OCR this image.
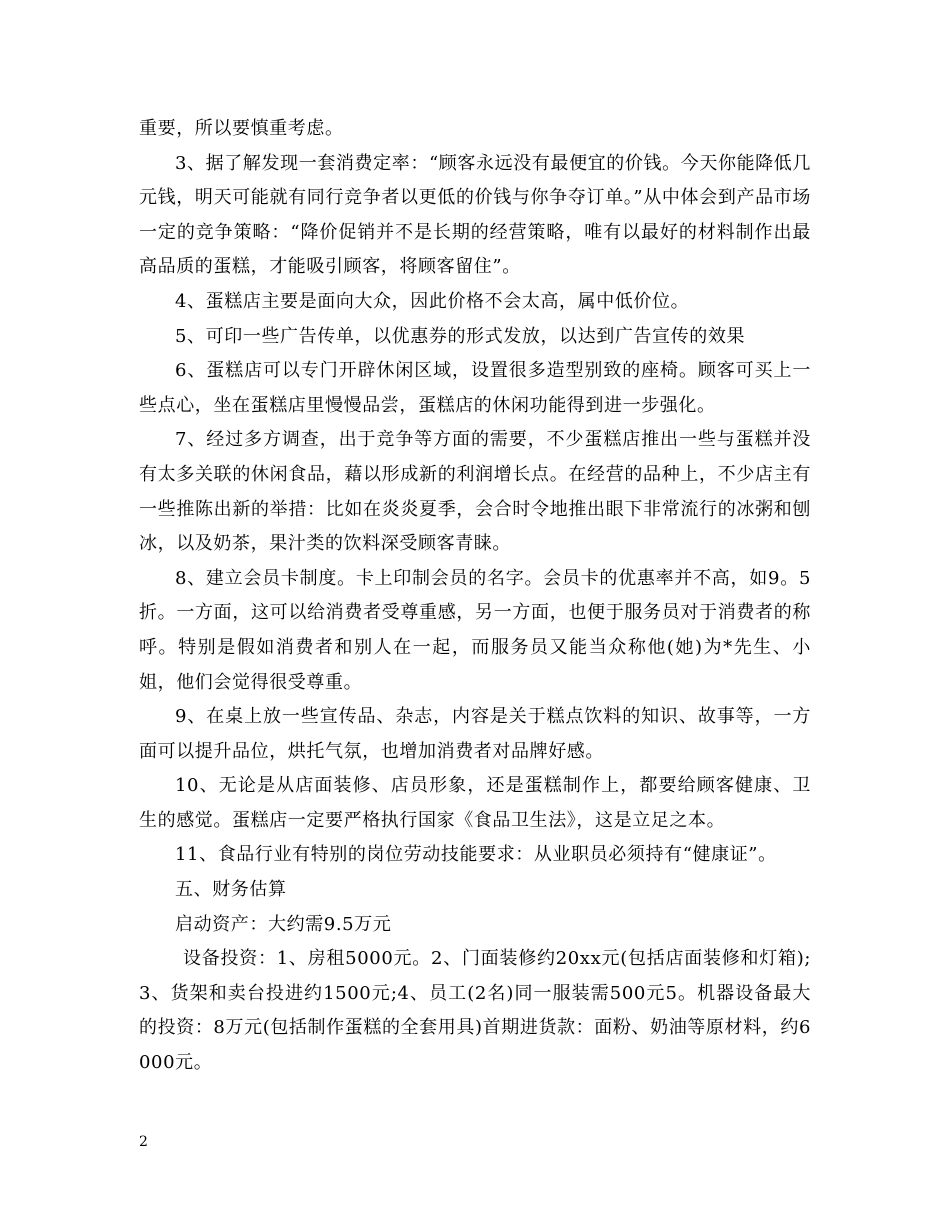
重要，所以要慎重考虑。

3、据了解发现一套消费定率：“顾客永远没有最便宜的价钱。今天你能降低几元钱，明天可能就有同行竞争者以更低的价钱与你争夺订单。”从中体会到产品市场一定的竞争策略：“降价促销并不是长期的经营策略，唯有以最好的材料制作出最高品质的蛋糕，才能吸引顾客，将顾客留住”。

4、蛋糕店主要是面向大众，因此价格不会太高，属中低价位。

5、可印一些广告传单，以优惠券的形式发放，以达到广告宣传的效果

6、蛋糕店可以专门开辟休闲区域，设置很多造型别致的座椅。顾客可买上一些点心，坐在蛋糕店里慢慢品尝，蛋糕店的休闲功能得到进一步强化。

7、经过多方调查，出于竞争等方面的需要，不少蛋糕店推出一些与蛋糕并没有太多关联的休闲食品，藉以形成新的利润增长点。在经营的品种上，不少店主有一些推陈出新的举措：比如在炎炎夏季，会合时令地推出眼下非常流行的冰粥和刨冰，以及奶茶，果汁类的饮料深受顾客青睐。

8、建立会员卡制度。卡上印制会员的名字。会员卡的优惠率并不高，如9。5折。一方面，这可以给消费者受尊重感，另一方面，也便于服务员对于消费者的称呼。特别是假如消费者和别人在一起，而服务员又能当众称他(她)为*先生、小姐，他们会觉得很受尊重。

9、在桌上放一些宣传品、杂志，内容是关于糕点饮料的知识、故事等，一方面可以提升品位，烘托气氛，也增加消费者对品牌好感。

10、无论是从店面装修、店员形象，还是蛋糕制作上，都要给顾客健康、卫生的感觉。蛋糕店一定要严格执行国家《食品卫生法》，这是立足之本。

11、食品行业有特别的岗位劳动技能要求：从业职员必须持有“健康证”。

五、财务估算

启动资产：大约需9.5万元

设备投资：1、房租5000元。2、门面装修约20xx元(包括店面装修和灯箱);3、货架和卖台投进约1500元;4、员工(2名)同一服装需500元5。机器设备最大的投资：8万元(包括制作蛋糕的全套用具)首期进货款：面粉、奶油等原材料，约6000元。

2
